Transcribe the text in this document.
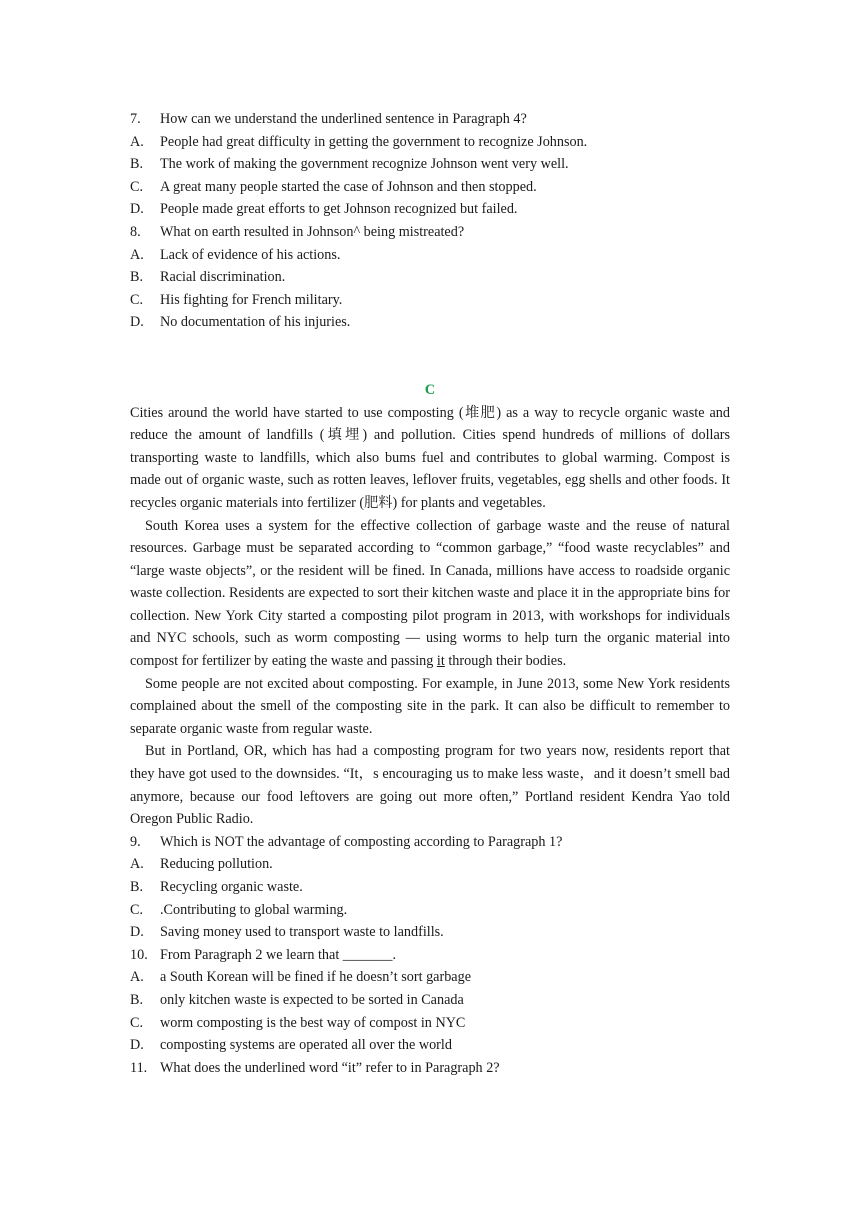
7. How can we understand the underlined sentence in Paragraph 4?
A. People had great difficulty in getting the government to recognize Johnson.
B. The work of making the government recognize Johnson went very well.
C. A great many people started the case of Johnson and then stopped.
D. People made great efforts to get Johnson recognized but failed.
8. What on earth resulted in Johnson^ being mistreated?
A. Lack of evidence of his actions.
B. Racial discrimination.
C. His fighting for French military.
D. No documentation of his injuries.
C

Cities around the world have started to use composting (堆肥) as a way to recycle organic waste and reduce the amount of landfills (填埋) and pollution. Cities spend hundreds of millions of dollars transporting waste to landfills, which also bums fuel and contributes to global warming. Compost is made out of organic waste, such as rotten leaves, leflover fruits, vegetables, egg shells and other foods. It recycles organic materials into fertilizer (肥料) for plants and vegetables.

South Korea uses a system for the effective collection of garbage waste and the reuse of natural resources. Garbage must be separated according to “common garbage,” “food waste recyclables” and “large waste objects”, or the resident will be fined. In Canada, millions have access to roadside organic waste collection. Residents are expected to sort their kitchen waste and place it in the appropriate bins for collection. New York City started a composting pilot program in 2013, with workshops for individuals and NYC schools, such as worm composting — using worms to help turn the organic material into compost for fertilizer by eating the waste and passing it through their bodies.

Some people are not excited about composting. For example, in June 2013, some New York residents complained about the smell of the composting site in the park. It can also be difficult to remember to separate organic waste from regular waste.

But in Portland, OR, which has had a composting program for two years now, residents report that they have got used to the downsides. “It，s encouraging us to make less waste，and it doesn’t smell bad anymore, because our food leftovers are going out more often,” Portland resident Kendra Yao told Oregon Public Radio.

9. Which is NOT the advantage of composting according to Paragraph 1?
A. Reducing pollution.
B. Recycling organic waste.
C. .Contributing to global warming.
D. Saving money used to transport waste to landfills.
10. From Paragraph 2 we learn that _______.
A. a South Korean will be fined if he doesn’t sort garbage
B. only kitchen waste is expected to be sorted in Canada
C. worm composting is the best way of compost in NYC
D. composting systems are operated all over the world
11. What does the underlined word “it” refer to in Paragraph 2?
